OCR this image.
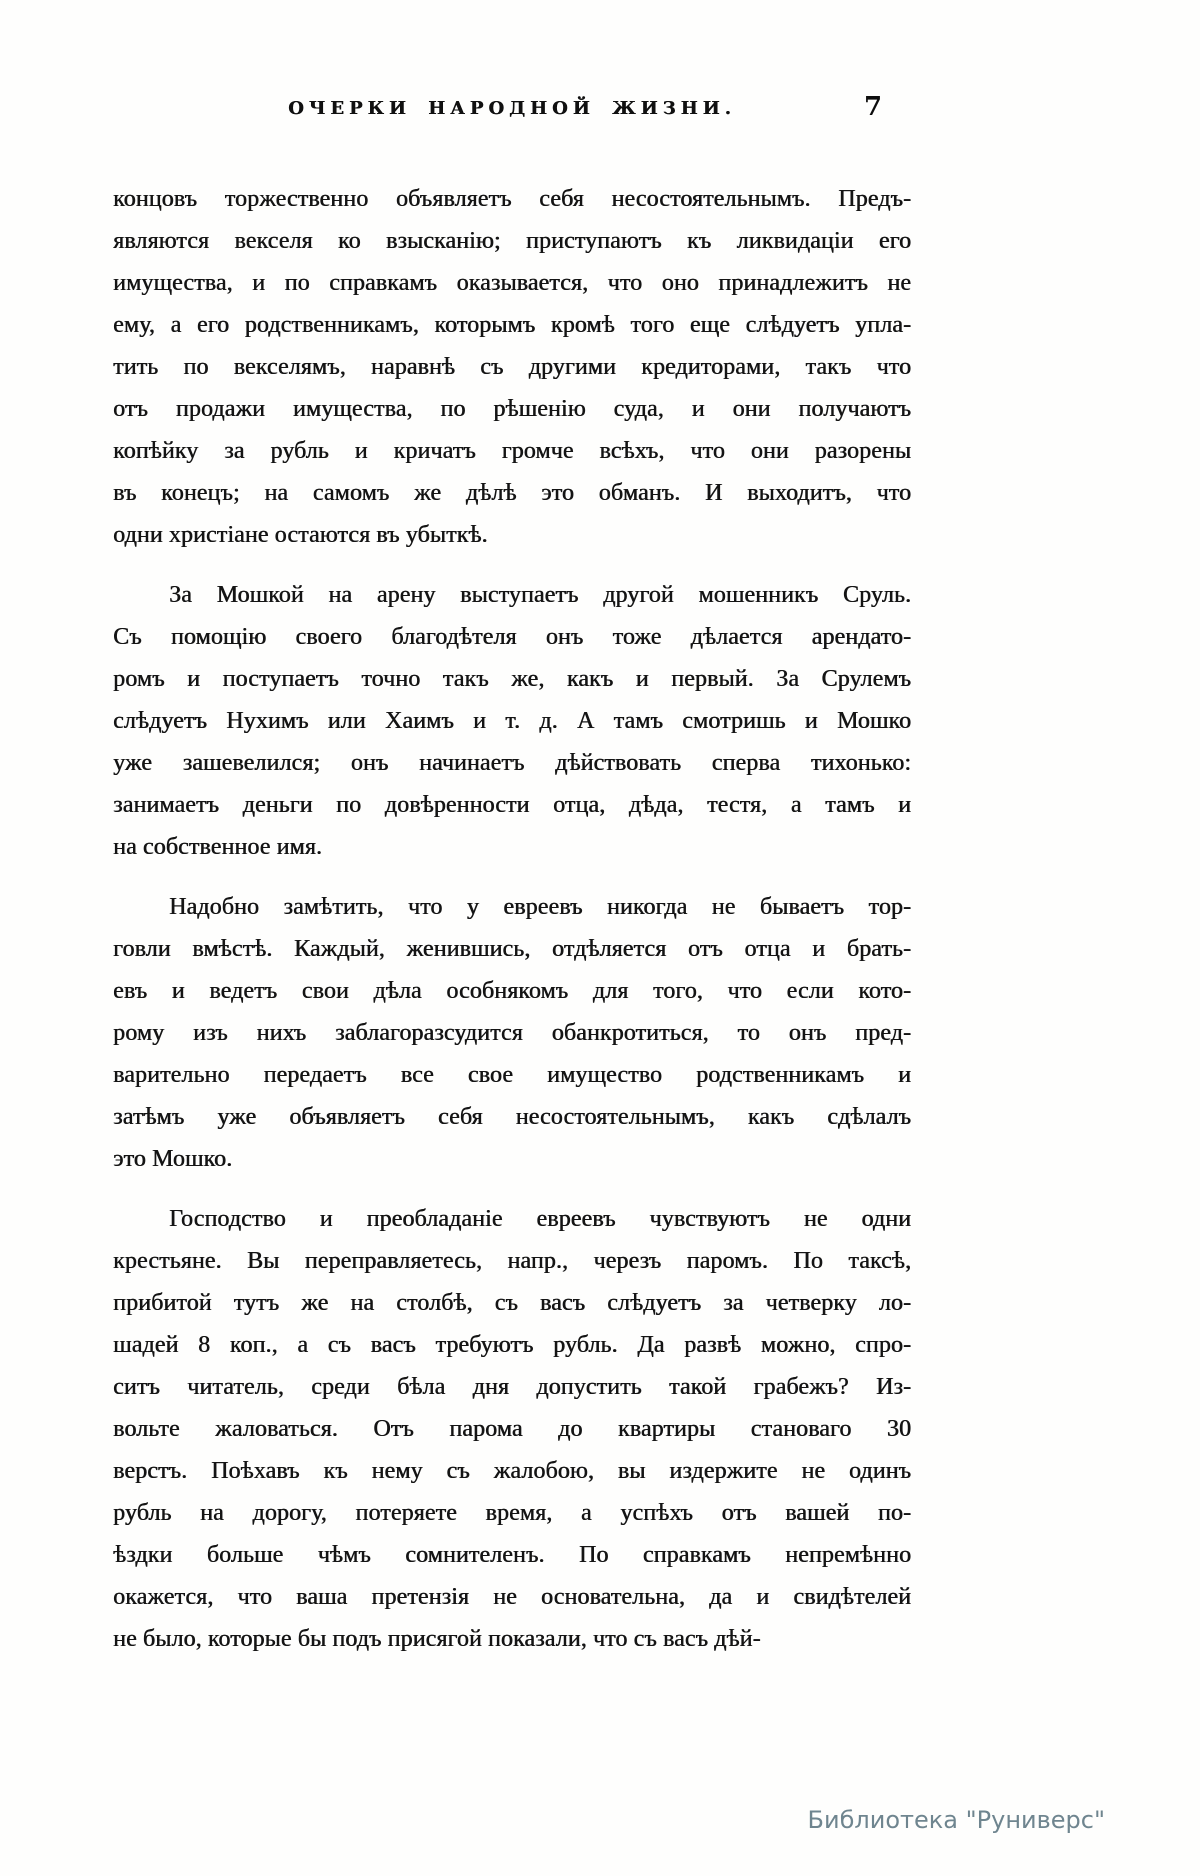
ОЧЕРКИ НАРОДНОЙ ЖИЗНИ.	7
концовъ торжественно объявляетъ себя несостоятельнымъ. Предъ-
являются векселя ко взысканію; приступаютъ къ ликвидаціи его
имущества, и по справкамъ оказывается, что оно принадлежитъ не
ему, а его родственникамъ, которымъ кромѣ того еще слѣдуетъ упла-
тить по векселямъ, наравнѣ съ другими кредиторами, такъ что
отъ продажи имущества, по рѣшенію суда, и они получаютъ
копѣйку за рубль и кричатъ громче всѣхъ, что они разорены
въ конецъ; на самомъ же дѣлѣ это обманъ. И выходитъ, что
одни христіане остаются въ убыткѣ.
За Мошкой на арену выступаетъ другой мошенникъ Сруль.
Съ помощію своего благодѣтеля онъ тоже дѣлается арендато-
ромъ и поступаетъ точно такъ же, какъ и первый. За Срулемъ
слѣдуетъ Нухимъ или Хаимъ и т. д. А тамъ смотришь и Мошко
уже зашевелился; онъ начинаетъ дѣйствовать сперва тихонько:
занимаетъ деньги по довѣренности отца, дѣда, тестя, а тамъ и
на собственное имя.
Надобно замѣтить, что у евреевъ никогда не бываетъ тор-
говли вмѣстѣ. Каждый, женившись, отдѣляется отъ отца и брать-
евъ и ведетъ свои дѣла особнякомъ для того, что если кото-
рому изъ нихъ заблагоразсудится обанкротиться, то онъ пред-
варительно передаетъ все свое имущество родственникамъ и
затѣмъ уже объявляетъ себя несостоятельнымъ, какъ сдѣлалъ
это Мошко.
Господство и преобладаніе евреевъ чувствуютъ не одни
крестьяне. Вы переправляетесь, напр., черезъ паромъ. По таксѣ,
прибитой тутъ же на столбѣ, съ васъ слѣдуетъ за четверку ло-
шадей 8 коп., а съ васъ требуютъ рубль. Да развѣ можно, спро-
ситъ читатель, среди бѣла дня допустить такой грабежъ? Из-
вольте жаловаться. Отъ парома до квартиры становаго 30
верстъ. Поѣхавъ къ нему съ жалобою, вы издержите не одинъ
рубль на дорогу, потеряете время, а успѣхъ отъ вашей по-
ѣздки больше чѣмъ сомнителенъ. По справкамъ непремѣнно
окажется, что ваша претензія не основательна, да и свидѣтелей
не было, которые бы подъ присягой показали, что съ васъ дѣй-
Библиотека "Руниверс"
